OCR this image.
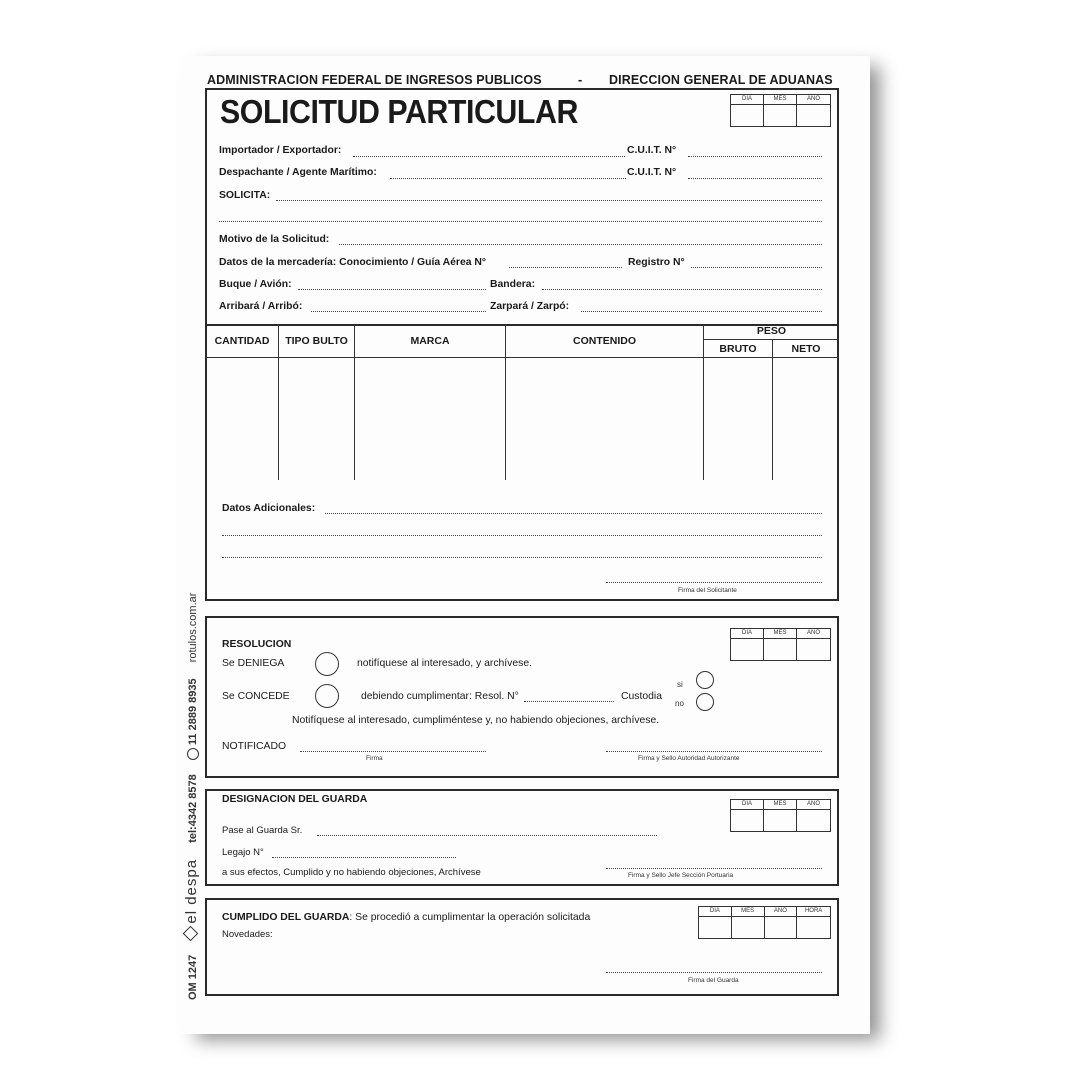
ADMINISTRACION FEDERAL DE INGRESOS PUBLICOS	- DIRECCION GENERAL DE ADUANAS
SOLICITUD PARTICULAR	DIA	MES	AÑO
Importador / Exportador:	C.U.I.T. N°
Despachante / Agente Marítimo:	C.U.I.T. N°
SOLICITA:
Motivo de la Solicitud:
Datos de la mercadería: Conocimiento / Guía Aérea N°	Registro N°
Buque / Avión:	Bandera:
Arribará / Arribó:	Zarpará / Zarpó:
CANTIDAD	TIPO BULTO	MARCA	CONTENIDO
PESO
BRUTO	NETO
Datos Adicionales:
Firma del Solicitante
DIA	MES	AÑO
RESOLUCION
Se DENIEGA	notifíquese al interesado, y archívese.
Se CONCEDE	debiendo cumplimentar: Resol. N°	Custodia
si
no
Notifíquese al interesado, cumpliméntese y, no habiendo objeciones, archívese.
NOTIFICADO
Firma	Firma y Sello Autoridad Autorizante
DIA	MES	AÑO
DESIGNACION DEL GUARDA
Pase al Guarda Sr.
Legajo N°
a sus efectos, Cumplido y no habiendo objeciones, Archívese	Firma y Sello Jefe Sección Portuaria
DIA	MES	AÑO	HORA
CUMPLIDO DEL GUARDA: Se procedió a cumplimentar la operación solicitada
Novedades:
Firma del Guarda
OM 1247  el despa  tel:4342 8578   11 2889 8935  rotulos.com.ar
